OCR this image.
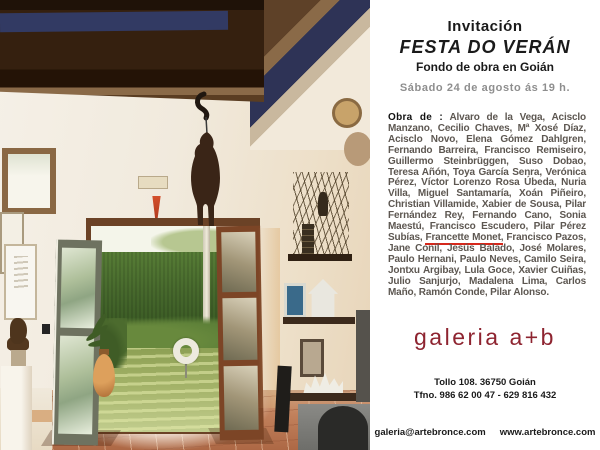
Invitación
FESTA DO VERÁN
Fondo de obra en Goián
Sábado 24 de agosto ás 19 h.
Obra de : Alvaro de la Vega, Acisclo Manzano, Cecilio Chaves, Mª Xosé Díaz, Acisclo Novo, Elena Gómez Dahlgren, Fernando Barreira, Francisco Remiseiro, Guillermo Steinbrüggen, Suso Dobao, Teresa Añón, Toya García Senra, Verónica Pérez, Víctor Lorenzo Rosa Úbeda, Nuria Villa, Miguel Santamaría, Xoán Piñeiro, Christian Villamide, Xabier de Sousa, Pilar Fernández Rey, Fernando Cano, Sonia Maestú, Francisco Escudero, Pilar Pérez Subías, Francette Monet, Francisco Pazos, Jane Conil, Jesús Balado, José Molares, Paulo Hernani, Paulo Neves, Camilo Seira, Jontxu Argibay, Lula Goce, Xavier Cuiñas, Julio Sanjurjo, Madalena Lima, Carlos Maño, Ramón Conde, Pilar Alonso.
galeria a+b
Tollo 108. 36750 Goián
Tfno. 986 62 00 47 - 629 816 432
galeria@artebronce.com www.artebronce.com
